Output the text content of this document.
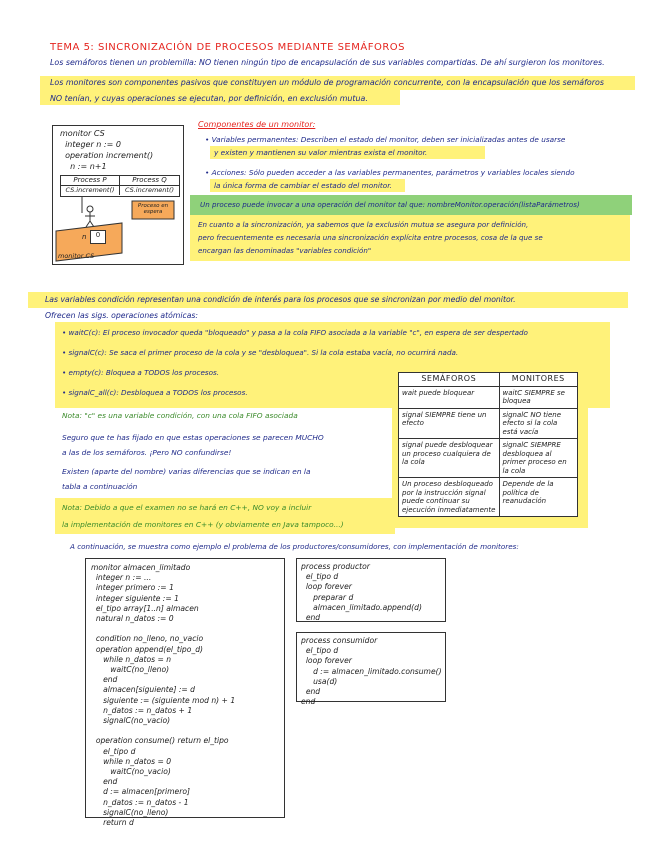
TEMA 5: SINCRONIZACIÓN DE PROCESOS MEDIANTE SEMÁFOROS
Los semáforos tienen un problemilla: NO tienen ningún tipo de encapsulación de sus variables compartidas. De ahí surgieron los monitores.
Los monitores son componentes pasivos que constituyen un módulo de programación concurrente, con la encapsulación que los semáforos
NO tenían, y cuyas operaciones se ejecutan, por definición, en exclusión mutua.
monitor CS
integer n := 0
operation increment()
n := n+1
Process P	Process Q
CS.increment()	CS.increment()
Proceso en espera
n	0
monitor CS
Componentes de un monitor:
• Variables permanentes: Describen el estado del monitor, deben ser inicializadas antes de usarse
y existen y mantienen su valor mientras exista el monitor.
• Acciones: Sólo pueden acceder a las variables permanentes, parámetros y variables locales siendo
la única forma de cambiar el estado del monitor.
Un proceso puede invocar a una operación del monitor tal que: nombreMonitor.operación(listaParámetros)
En cuanto a la sincronización, ya sabemos que la exclusión mutua se asegura por definición,
pero frecuentemente es necesaria una sincronización explícita entre procesos, cosa de la que se
encargan las denominadas "variables condición"
Las variables condición representan una condición de interés para los procesos que se sincronizan por medio del monitor.
Ofrecen las sigs. operaciones atómicas:
• waitC(c): El proceso invocador queda "bloqueado" y pasa a la cola FIFO asociada a la variable "c", en espera de ser despertado
• signalC(c): Se saca el primer proceso de la cola y se "desbloquea". Si la cola estaba vacía, no ocurrirá nada.
• empty(c): Bloquea a TODOS los procesos.
• signalC_all(c): Desbloquea a TODOS los procesos.
Nota: "c" es una variable condición, con una cola FIFO asociada
Seguro que te has fijado en que estas operaciones se parecen MUCHO
a las de los semáforos. ¡Pero NO confundirse!
Existen (aparte del nombre) varias diferencias que se indican en la
tabla a continuación
Nota: Debido a que el examen no se hará en C++, NO voy a incluir
la implementación de monitores en C++ (y obviamente en Java tampoco...)
SEMÁFOROS	MONITORES
wait puede bloquear	waitC SIEMPRE se bloquea
signal SIEMPRE tiene un efecto	signalC NO tiene efecto si la cola está vacía
signal puede desbloquear un proceso cualquiera de la cola	signalC SIEMPRE desbloquea al primer proceso en la cola
Un proceso desbloqueado por la instrucción signal puede continuar su ejecución inmediatamente	Depende de la política de reanudación
A continuación, se muestra como ejemplo el problema de los productores/consumidores, con implementación de monitores:
monitor almacen_limitado
integer n := ...
integer primero := 1
integer siguiente := 1
el_tipo array[1..n] almacen
natural n_datos := 0

condition no_lleno, no_vacio
operation append(el_tipo_d)
while n_datos = n
waitC(no_lleno)
end
almacen[siguiente] := d
siguiente := (siguiente mod n) + 1
n_datos := n_datos + 1
signalC(no_vacio)

operation consume() return el_tipo
el_tipo d
while n_datos = 0
waitC(no_vacio)
end
d := almacen[primero]
n_datos := n_datos - 1
signalC(no_lleno)
return d
process productor
el_tipo d
loop forever
preparar d
almacen_limitado.append(d)
end
process consumidor
el_tipo d
loop forever
d := almacen_limitado.consume()
usa(d)
end
end
